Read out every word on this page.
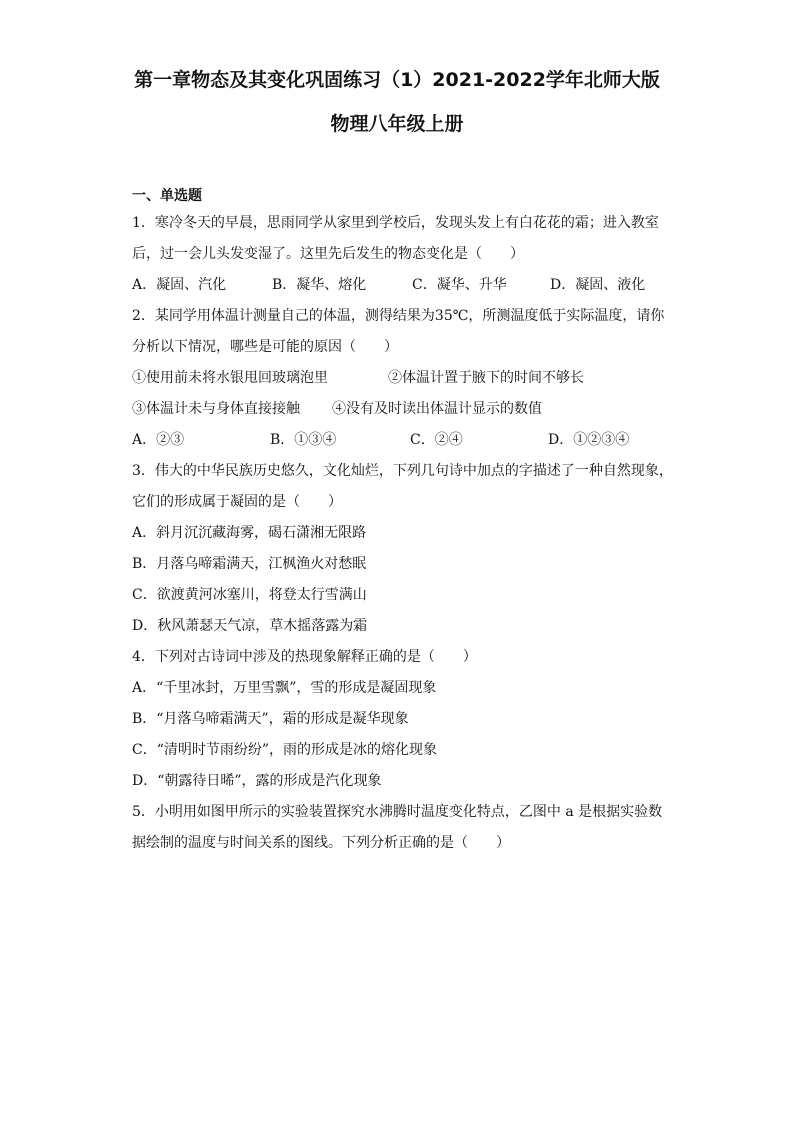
第一章物态及其变化巩固练习（1）2021-2022学年北师大版
物理八年级上册
一、单选题
1．寒冷冬天的早晨，思雨同学从家里到学校后，发现头发上有白花花的霜；进入教室
后，过一会儿头发变湿了。这里先后发生的物态变化是（　　）
A．凝固、汽化	B．凝华、熔化	C．凝华、升华	D．凝固、液化
2．某同学用体温计测量自己的体温，测得结果为35℃，所测温度低于实际温度，请你
分析以下情况，哪些是可能的原因（　　）
①使用前未将水银甩回玻璃泡里	②体温计置于腋下的时间不够长
③体温计未与身体直接接触	④没有及时读出体温计显示的数值
A．②③	B．①③④	C．②④	D．①②③④
3．伟大的中华民族历史悠久，文化灿烂，下列几句诗中加点的字描述了一种自然现象，
它们的形成属于凝固的是（　　）
A．斜月沉沉藏海雾，碣石潇湘无限路
B．月落乌啼霜满天，江枫渔火对愁眠
C．欲渡黄河冰塞川，将登太行雪满山
D．秋风萧瑟天气凉，草木摇落露为霜
4．下列对古诗词中涉及的热现象解释正确的是（　　）
A．“千里冰封，万里雪飘”，雪的形成是凝固现象
B．“月落乌啼霜满天”，霜的形成是凝华现象
C．“清明时节雨纷纷”，雨的形成是冰的熔化现象
D．“朝露待日晞”，露的形成是汽化现象
5．小明用如图甲所示的实验装置探究水沸腾时温度变化特点，乙图中 a 是根据实验数
据绘制的温度与时间关系的图线。下列分析正确的是（　　）
